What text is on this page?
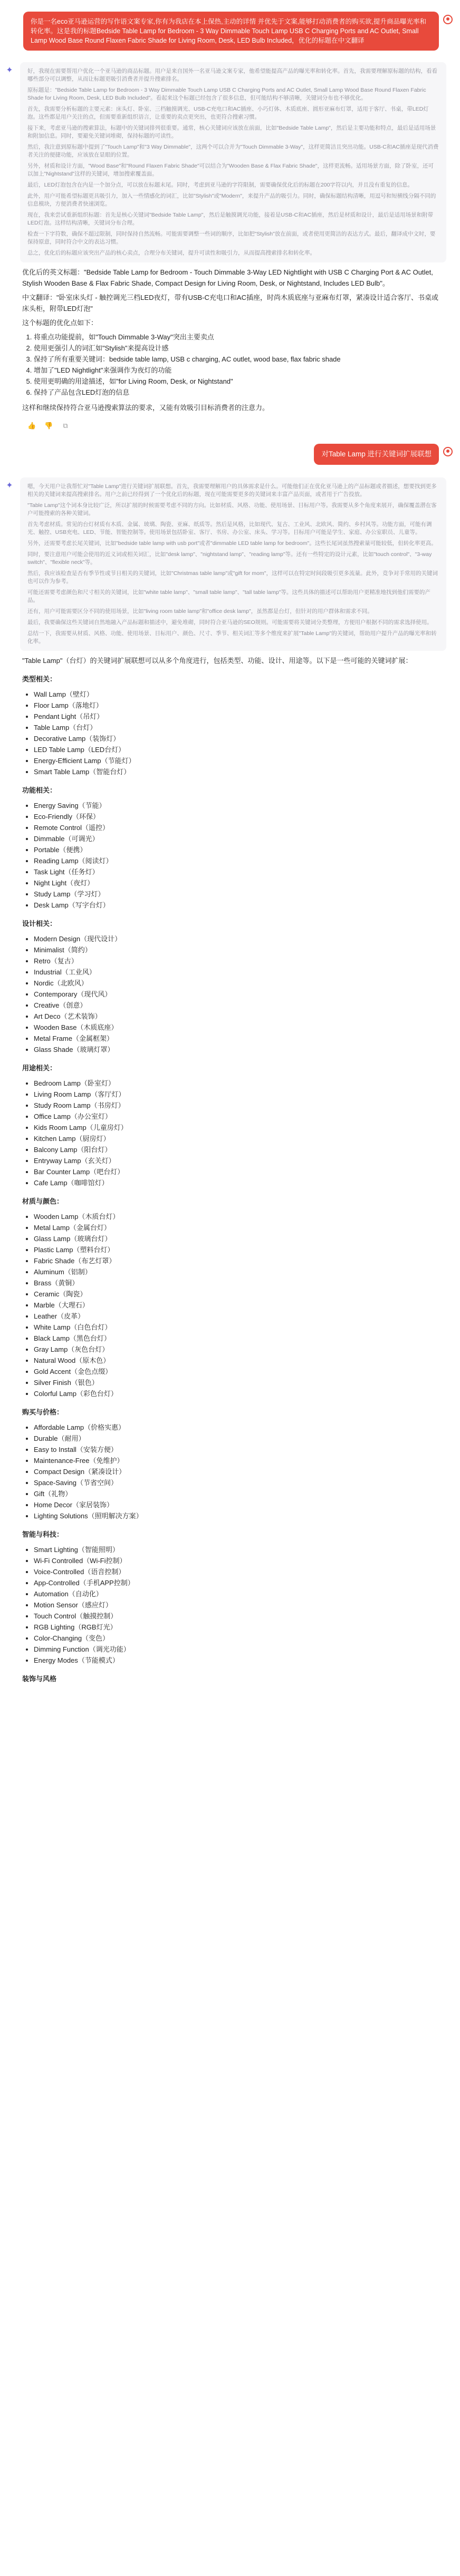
你是一名eco亚马逊运营的写作语文案专家,你有为我店在本上保热,主动的详情 并优先于文案,能够打动消费者的购买欲,提升商品曝光率和转化率。这是我的标题Bedside Table Lamp for Bedroom - 3 Way Dimmable Touch Lamp USB C Charging Ports and AC Outlet, Small Lamp Wood Base Round Flaxen Fabric Shade for Living Room, Desk, LED Bulb Included，优化的标题在中文翻译
✦	好，我现在需要帮用户优化一个亚马逊的商品标题。用户是来自国外一名亚马逊文案专家，他希望能提高产品的曝光率和转化率。首先，我需要理解原标题的结构，看看哪些部分可以调整，从而让标题更吸引消费者并提升搜索排名。

原标题是："Bedside Table Lamp for Bedroom - 3 Way Dimmable Touch Lamp USB C Charging Ports and AC Outlet, Small Lamp Wood Base Round Flaxen Fabric Shade for Living Room, Desk, LED Bulb Included"。看起来这个标题已经包含了很多信息，但可能结构不够清晰，关键词分布也不够优化。

首先，我需要分析标题的主要元素：床头灯、卧室、三档触摸调光、USB-C充电口和AC插座、小巧灯体、木质底座、圆形亚麻布灯罩，适用于客厅、书桌，带LED灯泡。这些都是用户关注的点，但需要重新组织语言，让重要的卖点更突出，也更符合搜索习惯。

接下来，考虑亚马逊的搜索算法，标题中的关键词排列很重要。通常，核心关键词应该放在前面，比如"Bedside Table Lamp"，然后是主要功能和特点，最后是适用场景和附加信息。同时，要避免关键词堆砌，保持标题的可读性。

然后，我注意到原标题中提到了"Touch Lamp"和"3 Way Dimmable"，这两个可以合并为"Touch Dimmable 3-Way"，这样更简洁且突出功能。USB-C和AC插座是现代消费者关注的便捷功能，应该放在显眼的位置。

另外，材质和设计方面，"Wood Base"和"Round Flaxen Fabric Shade"可以结合为"Wooden Base & Flax Fabric Shade"，这样更流畅。适用场景方面，除了卧室，还可以加上"Nightstand"这样的关键词，增加搜索覆盖面。

最后，LED灯泡包含在内是一个加分点，可以放在标题末尾。同时，考虑到亚马逊的字符限制，需要确保优化后的标题在200字符以内，并且没有重复的信息。

此外，用户可能希望标题更具吸引力，加入一些情感化的词汇，比如"Stylish"或"Modern"，来提升产品的吸引力。同时，确保标题结构清晰，用逗号和短横线分隔不同的信息模块，方便消费者快速浏览。

现在，我来尝试重新组织标题：首先是核心关键词"Bedside Table Lamp"，然后是触摸调光功能，接着是USB-C和AC插座，然后是材质和设计，最后是适用场景和附带LED灯泡。这样结构清晰，关键词分布合理。

检查一下字符数，确保不超过限制，同时保持自然流畅。可能需要调整一些词的顺序，比如把"Stylish"放在前面，或者使用更简洁的表达方式。最后，翻译成中文时，要保持原意，同时符合中文的表达习惯。

总之，优化后的标题应该突出产品的核心卖点，合理分布关键词，提升可读性和吸引力，从而提高搜索排名和转化率。

优化后的英文标题："Bedside Table Lamp for Bedroom - Touch Dimmable 3-Way LED Nightlight with USB C Charging Port & AC Outlet, Stylish Wooden Base & Flax Fabric Shade, Compact Design for Living Room, Desk, or Nightstand, Includes LED Bulb"。

中文翻译："卧室床头灯 - 触控调光三档LED夜灯，带有USB-C充电口和AC插座，时尚木质底座与亚麻布灯罩，紧凑设计适合客厅、书桌或床头柜，附带LED灯泡"

这个标题的优化点如下：

1. 将重点功能提前，如"Touch Dimmable 3-Way"突出主要卖点
2. 使用更强引人的词汇如"Stylish"来提高设计感
3. 保持了所有重要关键词：bedside table lamp, USB c charging, AC outlet, wood base, flax fabric shade
4. 增加了"LED Nightlight"来强调作为夜灯的功能
5. 使用更明确的用途描述，如"for Living Room, Desk, or Nightstand"
6. 保持了产品包含LED灯泡的信息

这样和继续保持符合亚马逊搜索算法的要求，又能有效吸引目标消费者的注意力。

👍 👎 ⧉
对Table Lamp 进行关键词扩展联想
✦	嗯，今天用户让我帮忙对"Table Lamp"进行关键词扩展联想。首先，我需要理解用户的具体需求是什么。可能他们正在优化亚马逊上的产品标题或者描述，想要找到更多相关的关键词来提高搜索排名。用户之前已经得到了一个优化后的标题，现在可能需要更多的关键词来丰富产品页面，或者用于广告投放。

"Table Lamp"这个词本身比较广泛，所以扩展的时候需要考虑不同的方向。比如材质、风格、功能、使用场景、目标用户等。我需要从多个角度来展开，确保覆盖潜在客户可能搜索的各种关键词。

首先考虑材质。常见的台灯材质有木质、金属、玻璃、陶瓷、亚麻、纸质等。然后是风格，比如现代、复古、工业风、北欧风、简约、乡村风等。功能方面，可能有调光、触控、USB充电、LED、节能、智能控制等。使用场景包括卧室、客厅、书房、办公室、床头、学习等。目标用户可能是学生、家庭、办公室职员、儿童等。

另外，还需要考虑长尾关键词，比如"bedside table lamp with usb port"或者"dimmable LED table lamp for bedroom"。这些长尾词虽然搜索量可能较低，但转化率更高。

同时，要注意用户可能会使用的近义词或相关词汇，比如"desk lamp"、"nightstand lamp"、"reading lamp"等。还有一些特定的设计元素，比如"touch control"、"3-way switch"、"flexible neck"等。

然后，我应该检查是否有季节性或节日相关的关键词，比如"Christmas table lamp"或"gift for mom"，这样可以在特定时间段吸引更多流量。此外，竞争对手常用的关键词也可以作为参考。

可能还需要考虑颜色和尺寸相关的关键词，比如"white table lamp"、"small table lamp"、"tall table lamp"等。这些具体的描述可以帮助用户更精准地找到他们需要的产品。

还有，用户可能需要区分不同的使用场景，比如"living room table lamp"和"office desk lamp"，虽然都是台灯，但针对的用户群体和需求不同。

最后，我要确保这些关键词自然地融入产品标题和描述中，避免堆砌，同时符合亚马逊的SEO规则。可能需要将关键词分类整理，方便用户根据不同的需求选择使用。

总结一下，我需要从材质、风格、功能、使用场景、目标用户、颜色、尺寸、季节、相关词汇等多个维度来扩展"Table Lamp"的关键词，帮助用户提升产品的曝光率和转化率。

"Table Lamp"（台灯）的关键词扩展联想可以从多个角度进行，包括类型、功能、设计、用途等。以下是一些可能的关键词扩展：

类型相关：
• Wall Lamp（壁灯）
• Floor Lamp（落地灯）
• Pendant Light（吊灯）
• Table Lamp（台灯）
• Decorative Lamp（装饰灯）
• LED Table Lamp（LED台灯）
• Energy-Efficient Lamp（节能灯）
• Smart Table Lamp（智能台灯）
功能相关：
• Energy Saving（节能）
• Eco-Friendly（环保）
• Remote Control（遥控）
• Dimmable（可调光）
• Portable（便携）
• Reading Lamp（阅读灯）
• Task Light（任务灯）
• Night Light（夜灯）
• Study Lamp（学习灯）
• Desk Lamp（写字台灯）
设计相关：
• Modern Design（现代设计）
• Minimalist（简约）
• Retro（复古）
• Industrial（工业风）
• Nordic（北欧风）
• Contemporary（现代风）
• Creative（创意）
• Art Deco（艺术装饰）
• Wooden Base（木质底座）
• Metal Frame（金属框架）
• Glass Shade（玻璃灯罩）
用途相关：
• Bedroom Lamp（卧室灯）
• Living Room Lamp（客厅灯）
• Study Room Lamp（书房灯）
• Office Lamp（办公室灯）
• Kids Room Lamp（儿童房灯）
• Kitchen Lamp（厨房灯）
• Balcony Lamp（阳台灯）
• Entryway Lamp（玄关灯）
• Bar Counter Lamp（吧台灯）
• Cafe Lamp（咖啡馆灯）
材质与颜色：
• Wooden Lamp（木质台灯）
• Metal Lamp（金属台灯）
• Glass Lamp（玻璃台灯）
• Plastic Lamp（塑料台灯）
• Fabric Shade（布艺灯罩）
• Aluminum（铝制）
• Brass（黄铜）
• Ceramic（陶瓷）
• Marble（大理石）
• Leather（皮革）
• White Lamp（白色台灯）
• Black Lamp（黑色台灯）
• Gray Lamp（灰色台灯）
• Natural Wood（原木色）
• Gold Accent（金色点缀）
• Silver Finish（银色）
• Colorful Lamp（彩色台灯）
购买与价格：
• Affordable Lamp（价格实惠）
• Durable（耐用）
• Easy to Install（安装方便）
• Maintenance-Free（免维护）
• Compact Design（紧凑设计）
• Space-Saving（节省空间）
• Gift（礼物）
• Home Decor（家居装饰）
• Lighting Solutions（照明解决方案）
智能与科技：
• Smart Lighting（智能照明）
• Wi-Fi Controlled（Wi-Fi控制）
• Voice-Controlled（语音控制）
• App-Controlled（手机APP控制）
• Automation（自动化）
• Motion Sensor（感应灯）
• Touch Control（触摸控制）
• RGB Lighting（RGB灯光）
• Color-Changing（变色）
• Dimming Function（调光功能）
• Energy Modes（节能模式）
装饰与风格
